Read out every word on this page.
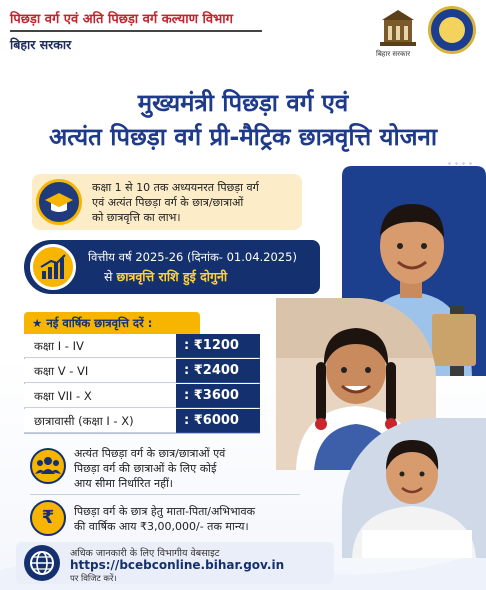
पिछड़ा वर्ग एवं अति पिछड़ा वर्ग कल्याण विभाग
बिहार सरकार
बिहार सरकार
मुख्यमंत्री पिछड़ा वर्ग एवं
अत्यंत पिछड़ा वर्ग प्री-मैट्रिक छात्रवृत्ति योजना
कक्षा 1 से 10 तक अध्ययनरत पिछड़ा वर्ग
एवं अत्यंत पिछड़ा वर्ग के छात्र/छात्राओं
को छात्रवृत्ति का लाभ।
वित्तीय वर्ष 2025-26 (दिनांक- 01.04.2025)
से छात्रवृत्ति राशि हुई दोगुनी
★ नई वार्षिक छात्रवृत्ति दरें :
कक्षा I - IV	: ₹1200
कक्षा V - VI	: ₹2400
कक्षा VII - X	: ₹3600
छात्रावासी (कक्षा I - X)	: ₹6000
अत्यंत पिछड़ा वर्ग के छात्र/छात्राओं एवं
पिछड़ा वर्ग की छात्राओं के लिए कोई
आय सीमा निर्धारित नहीं।
₹	पिछड़ा वर्ग के छात्र हेतु माता-पिता/अभिभावक
की वार्षिक आय ₹3,00,000/- तक मान्य।
अधिक जानकारी के लिए विभागीय वेबसाइट
https://bcebconline.bihar.gov.in
पर विजिट करें।
